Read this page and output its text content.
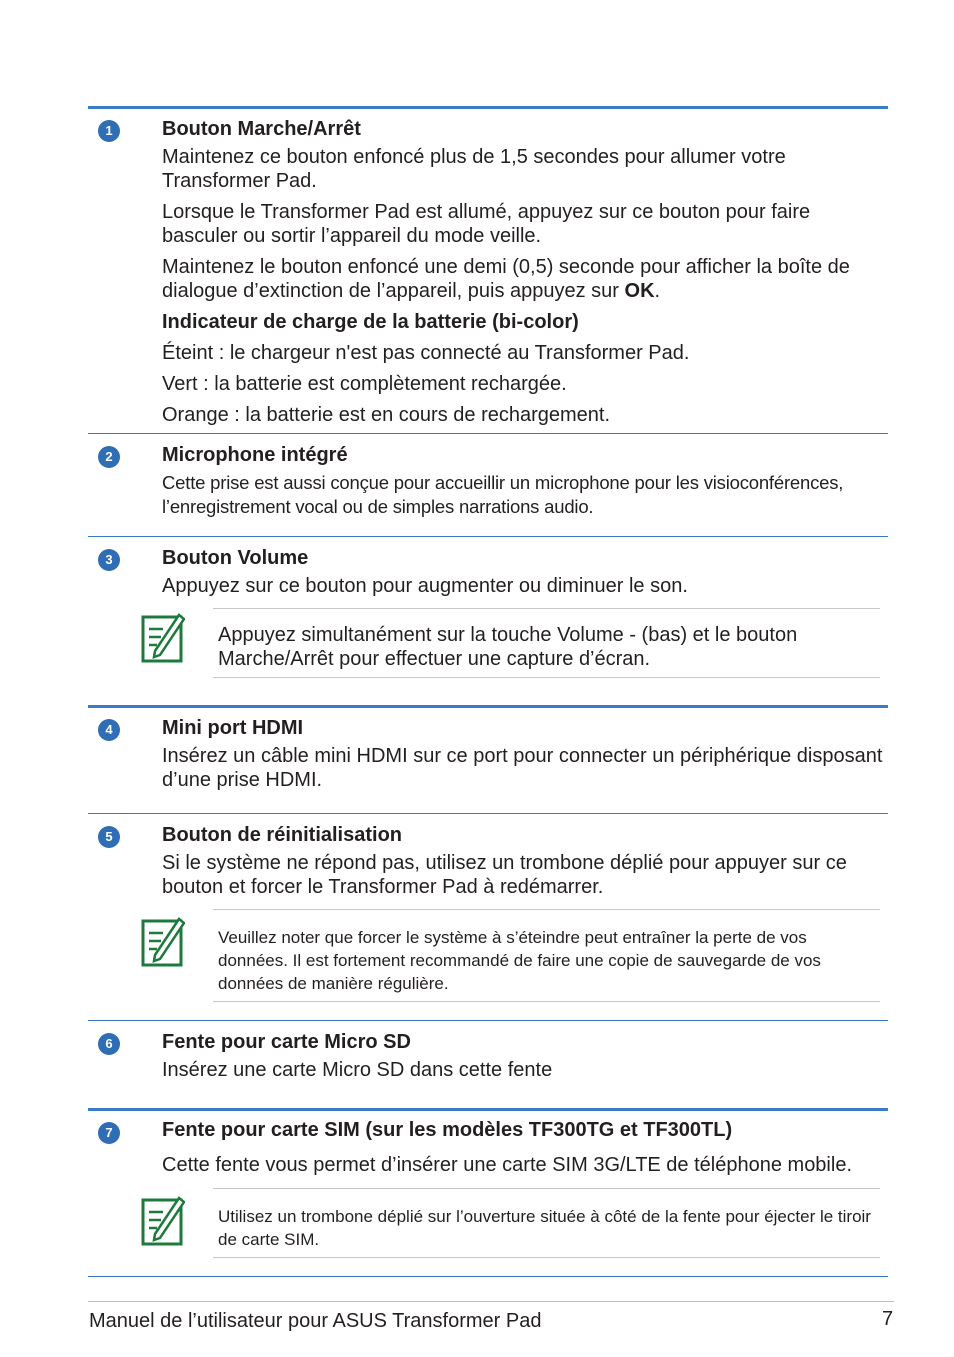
1	Bouton Marche/Arrêt
Maintenez ce bouton enfoncé plus de 1,5 secondes pour allumer votre Transformer Pad.
Lorsque le Transformer Pad est allumé, appuyez sur ce bouton pour faire basculer ou sortir l’appareil du mode veille.
Maintenez le bouton enfoncé une demi (0,5) seconde pour afficher la boîte de dialogue d’extinction de l’appareil, puis appuyez sur OK.
Indicateur de charge de la batterie (bi-color)
Éteint : le chargeur n'est pas connecté au Transformer Pad.
Vert : la batterie est complètement rechargée.
Orange : la batterie est en cours de rechargement.
2	Microphone intégré
Cette prise est aussi conçue pour accueillir un microphone pour les visioconférences, l’enregistrement vocal ou de simples narrations audio.
3	Bouton Volume
Appuyez sur ce bouton pour augmenter ou diminuer le son.
Appuyez simultanément sur la touche Volume - (bas) et le bouton Marche/Arrêt pour effectuer une capture d’écran.
4	Mini port HDMI
Insérez un câble mini HDMI sur ce port pour connecter un périphérique disposant d’une prise HDMI.
5	Bouton de réinitialisation
Si le système ne répond pas, utilisez un trombone déplié pour appuyer sur ce bouton et forcer le Transformer Pad à redémarrer.
Veuillez noter que forcer le système à s’éteindre peut entraîner la perte de vos données. Il est fortement recommandé de faire une copie de sauvegarde de vos données de manière régulière.
6	Fente pour carte Micro SD
Insérez une carte Micro SD dans cette fente
7	Fente pour carte SIM (sur les modèles TF300TG et TF300TL)
Cette fente vous permet d’insérer une carte SIM 3G/LTE de téléphone mobile.
Utilisez un trombone déplié sur l’ouverture située à côté de la fente pour éjecter le tiroir de carte SIM.
Manuel de l’utilisateur pour ASUS Transformer Pad	7
